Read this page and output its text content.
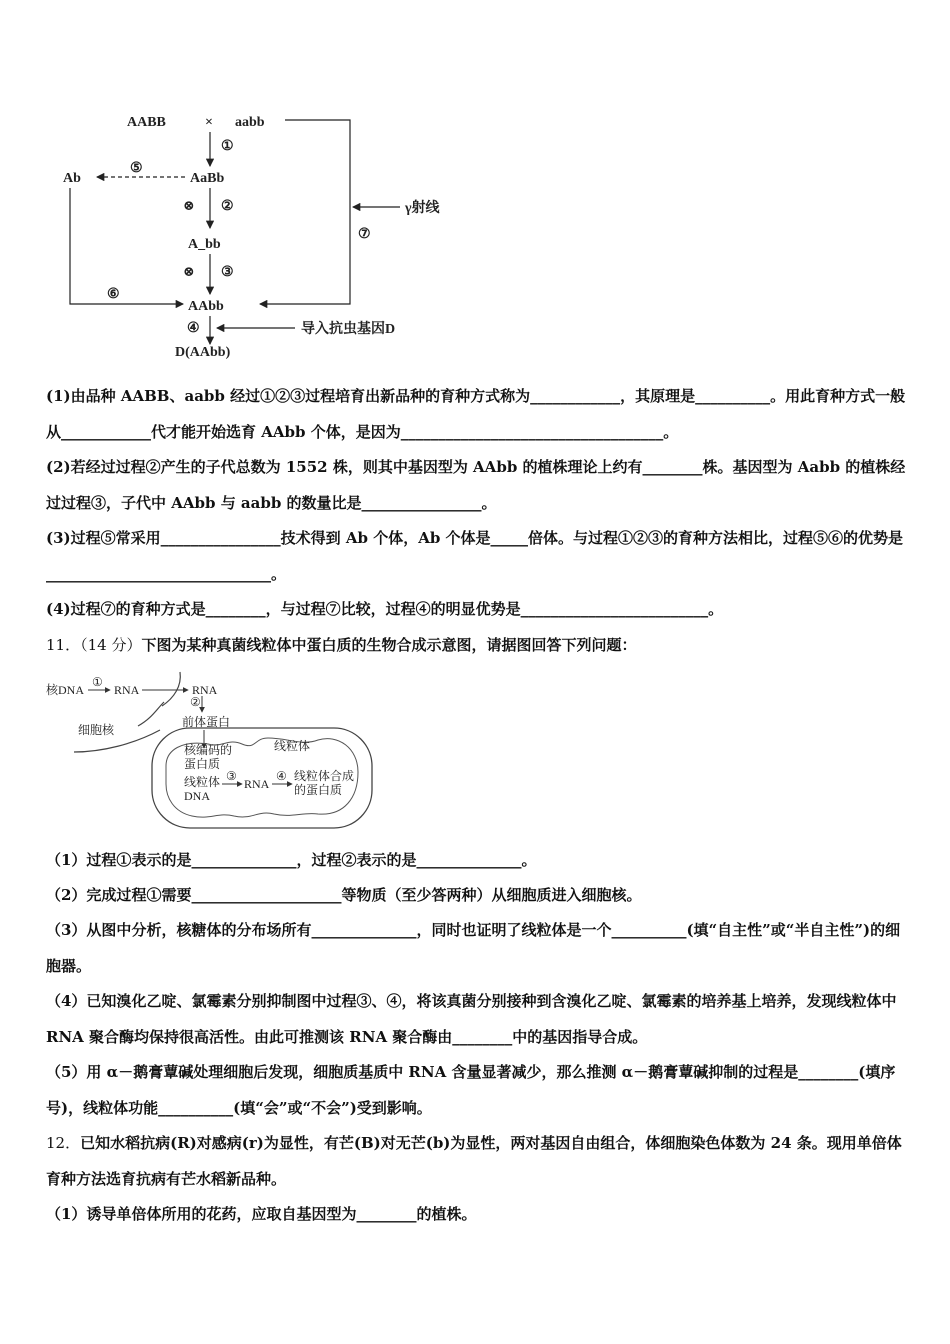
AABB	× aabb
①
AaBb
⑤
Ab
⊗ ②	γ射线
⑦
A_bb
⊗ ③
⑥
AAbb
④	导入抗虫基因D
D(AAbb)

(1)由品种 AABB、aabb 经过①②③过程培育出新品种的育种方式称为____________，其原理是__________。用此育种方式一般从____________代才能开始选育 AAbb 个体，是因为___________________________________。

(2)若经过过程②产生的子代总数为 1552 株，则其中基因型为 AAbb 的植株理论上约有________株。基因型为 Aabb 的植株经过过程③，子代中 AAbb 与 aabb 的数量比是________________。

(3)过程⑤常采用________________技术得到 Ab 个体，Ab 个体是_____倍体。与过程①②③的育种方法相比，过程⑤⑥的优势是______________________________。

(4)过程⑦的育种方式是________，与过程⑦比较，过程④的明显优势是_________________________。

11．（14 分）下图为某种真菌线粒体中蛋白质的生物合成示意图，请据图回答下列问题：

核DNA
①
RNA	RNA
细胞核
②
前体蛋白
线粒体
核编码的
蛋白质
线粒体
DNA
③
RNA
④ 线粒体合成
的蛋白质

（1）过程①表示的是______________，过程②表示的是______________。

（2）完成过程①需要____________________等物质（至少答两种）从细胞质进入细胞核。

（3）从图中分析，核糖体的分布场所有______________，同时也证明了线粒体是一个__________(填“自主性”或“半自主性”)的细胞器。

（4）已知溴化乙啶、氯霉素分别抑制图中过程③、④，将该真菌分别接种到含溴化乙啶、氯霉素的培养基上培养，发现线粒体中 RNA 聚合酶均保持很高活性。由此可推测该 RNA 聚合酶由________中的基因指导合成。

（5）用 α－鹅膏蕈碱处理细胞后发现，细胞质基质中 RNA 含量显著减少，那么推测 α－鹅膏蕈碱抑制的过程是________(填序号)，线粒体功能__________(填“会”或“不会”)受到影响。

12．已知水稻抗病(R)对感病(r)为显性，有芒(B)对无芒(b)为显性，两对基因自由组合，体细胞染色体数为 24 条。现用单倍体育种方法选育抗病有芒水稻新品种。

（1）诱导单倍体所用的花药，应取自基因型为________的植株。
